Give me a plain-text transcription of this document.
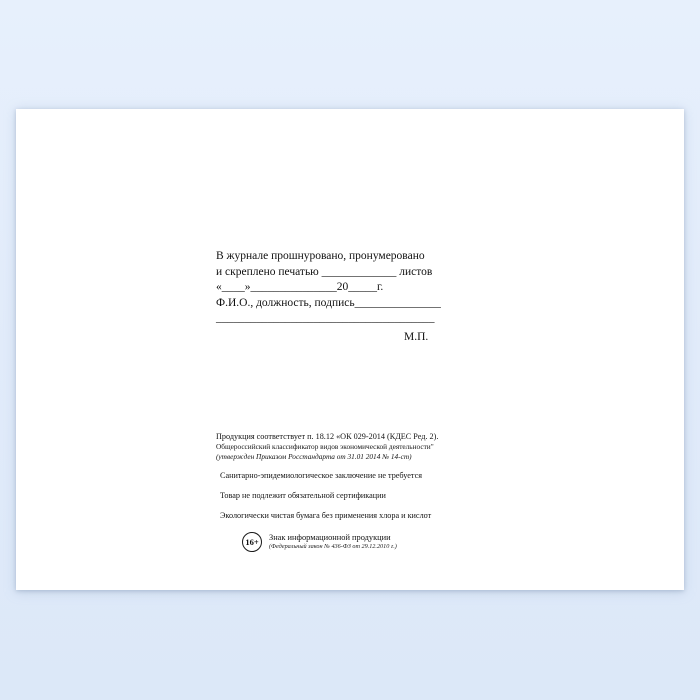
В журнале прошнуровано, пронумеровано
и скреплено печатью _____________ листов
«____»_______________20_____г.
Ф.И.О., должность, подпись_______________
______________________________________
М.П.
Продукция соответствует п. 18.12 «ОК 029-2014 (КДЕС Ред. 2).
Общероссийский классификатор видов экономической деятельности"
(утвержден Приказом Росстандарта от 31.01 2014 № 14-ст)
Санитарно-эпидемиологическое заключение не требуется
Товар не подлежит обязательной сертификации
Экологически чистая бумага без применения хлора и кислот
16+	Знак информационной продукции
(Федеральный закон № 436-ФЗ от 29.12.2010 г.)
